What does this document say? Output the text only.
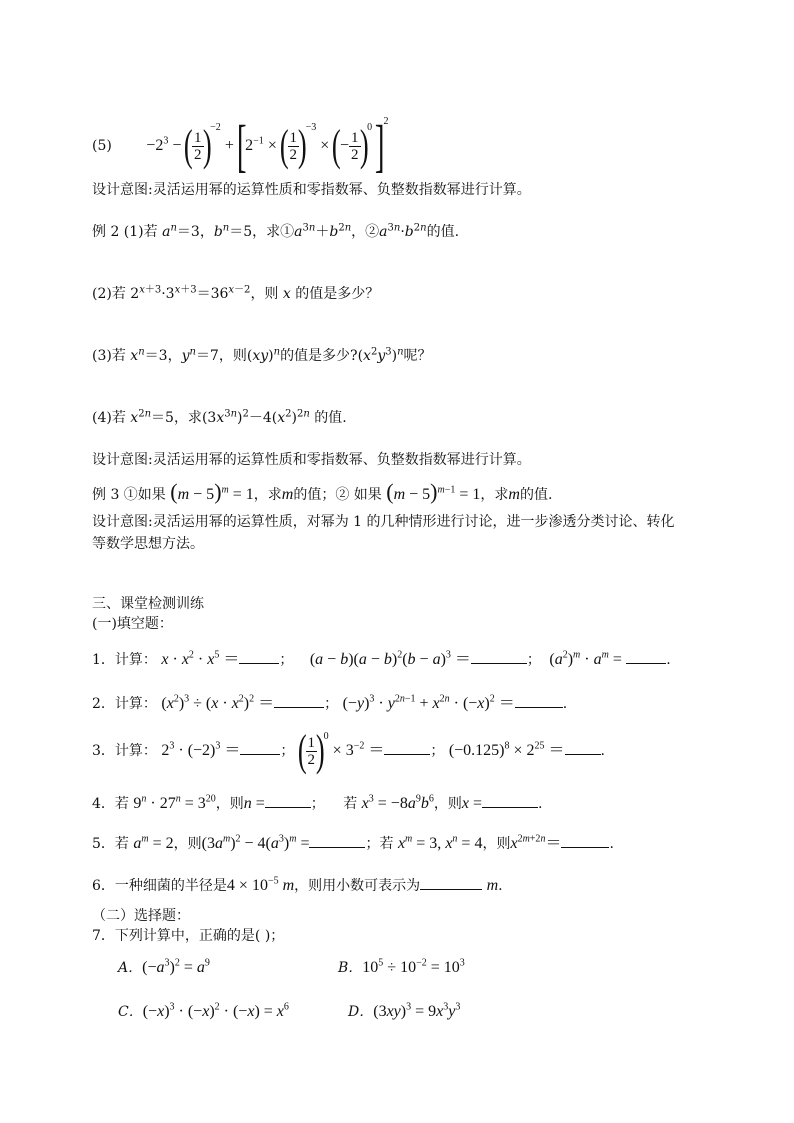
$(5) -2^3$ − (
$\frac{1}{2}$
)$^{-2} + [2^{-1}$ × (
$\frac{1}{2}$
)$^{-3}$ × (− $\frac{1}{2}$
)$^0$ ]$^2$
设计意图:灵活运用幂的运算性质和零指数幂、负整数指数幂进行计算。
例 2 (1)若 $a^n=3$，$b^n=5$，求$①a^{3n}+b^{2n}$，$②a^{3n}\cdot b^{2n}$的值.
(2)若 $2^{x+3}\cdot 3^{x+3}=36^{x-2}$，则 x 的值是多少？
(3)若 $x^n=3$，$y^n=7$，则(xy)$^n$的值是多少$?(x^2y^3)^n$呢？
(4)若 $x^{2n}=5$，求$(3x^{3n})^2-4(x^2)^{2n}$ 的值.
设计意图:灵活运用幂的运算性质和零指数幂、负整数指数幂进行计算。
例 3 ①如果 $(m - 5)^m = 1$，求m的值；② 如果 $(m - 5)^{m-1} = 1$，求m的值.
设计意图:灵活运用幂的运算性质，对幂为 1 的几种情形进行讨论，进一步渗透分类讨论、转化
等数学思想方法。
三、课堂检测训练
(一)填空题：
1．计算： $x \cdot x^2 \cdot x^5$ ＝	； $(a - b)(a - b)^2(b - a)^3$ ＝	； $(a^2)^m \cdot a^m$ =	.
2．计算： $(x^2)^3 \div (x \cdot x^2)^2$ ＝	； $(-y)^3 \cdot y^{2n-1} + x^{2n} \cdot (-x)^2$ ＝	.
3．计算： $2^3 \cdot (-2)^3$ ＝	； (
$\frac{1}{2}$
)$^0 \times 3^{-2}$ ＝	； $(-0.125)^8 \times 2^{25}$ ＝	.
4．若 $9^n \cdot 27^n = 3^{20}$，则n =	； 若 $x^3 = -8a^9b^6$，则x =	.
5．若 $a^m = 2$，则$(3a^m)^2 - 4(a^3)^m$ =	；若 $x^m = 3$, $x^n = 4$，则$x^{2m+2n}=$	.
6．一种细菌的半径是$4 \times 10^{-5}$ m，则用小数可表示为	m.
（二）选择题：
7．下列计算中，正确的是( )；
A．$(-a^3)^2 = a^9$	B．$10^5 \div 10^{-2} = 10^3$
C．$(-x)^3 \cdot (-x)^2 \cdot (-x) = x^6$	D．$(3xy)^3 = 9x^3y^3$
